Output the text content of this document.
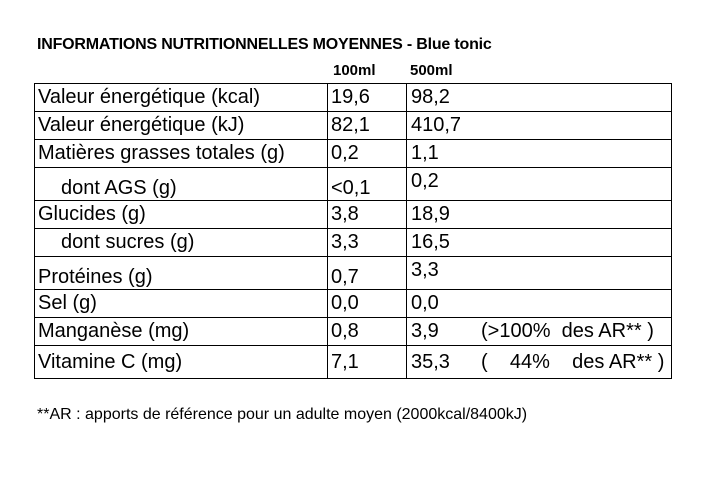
INFORMATIONS NUTRITIONNELLES MOYENNES - Blue tonic
100ml 500ml
Valeur énergétique (kcal)	19,6	98,2
Valeur énergétique (kJ)	82,1	410,7
Matières grasses totales (g)	0,2	1,1
dont AGS (g)	<0,1	0,2
Glucides (g)	3,8	18,9
dont sucres (g)	3,3	16,5
Protéines (g)	0,7	3,3
Sel (g)	0,0	0,0
Manganèse (mg)	0,8	3,9 (>100%  des AR** )
Vitamine C (mg)	7,1	35,3 (    44%    des AR** )
**AR : apports de référence pour un adulte moyen (2000kcal/8400kJ)
